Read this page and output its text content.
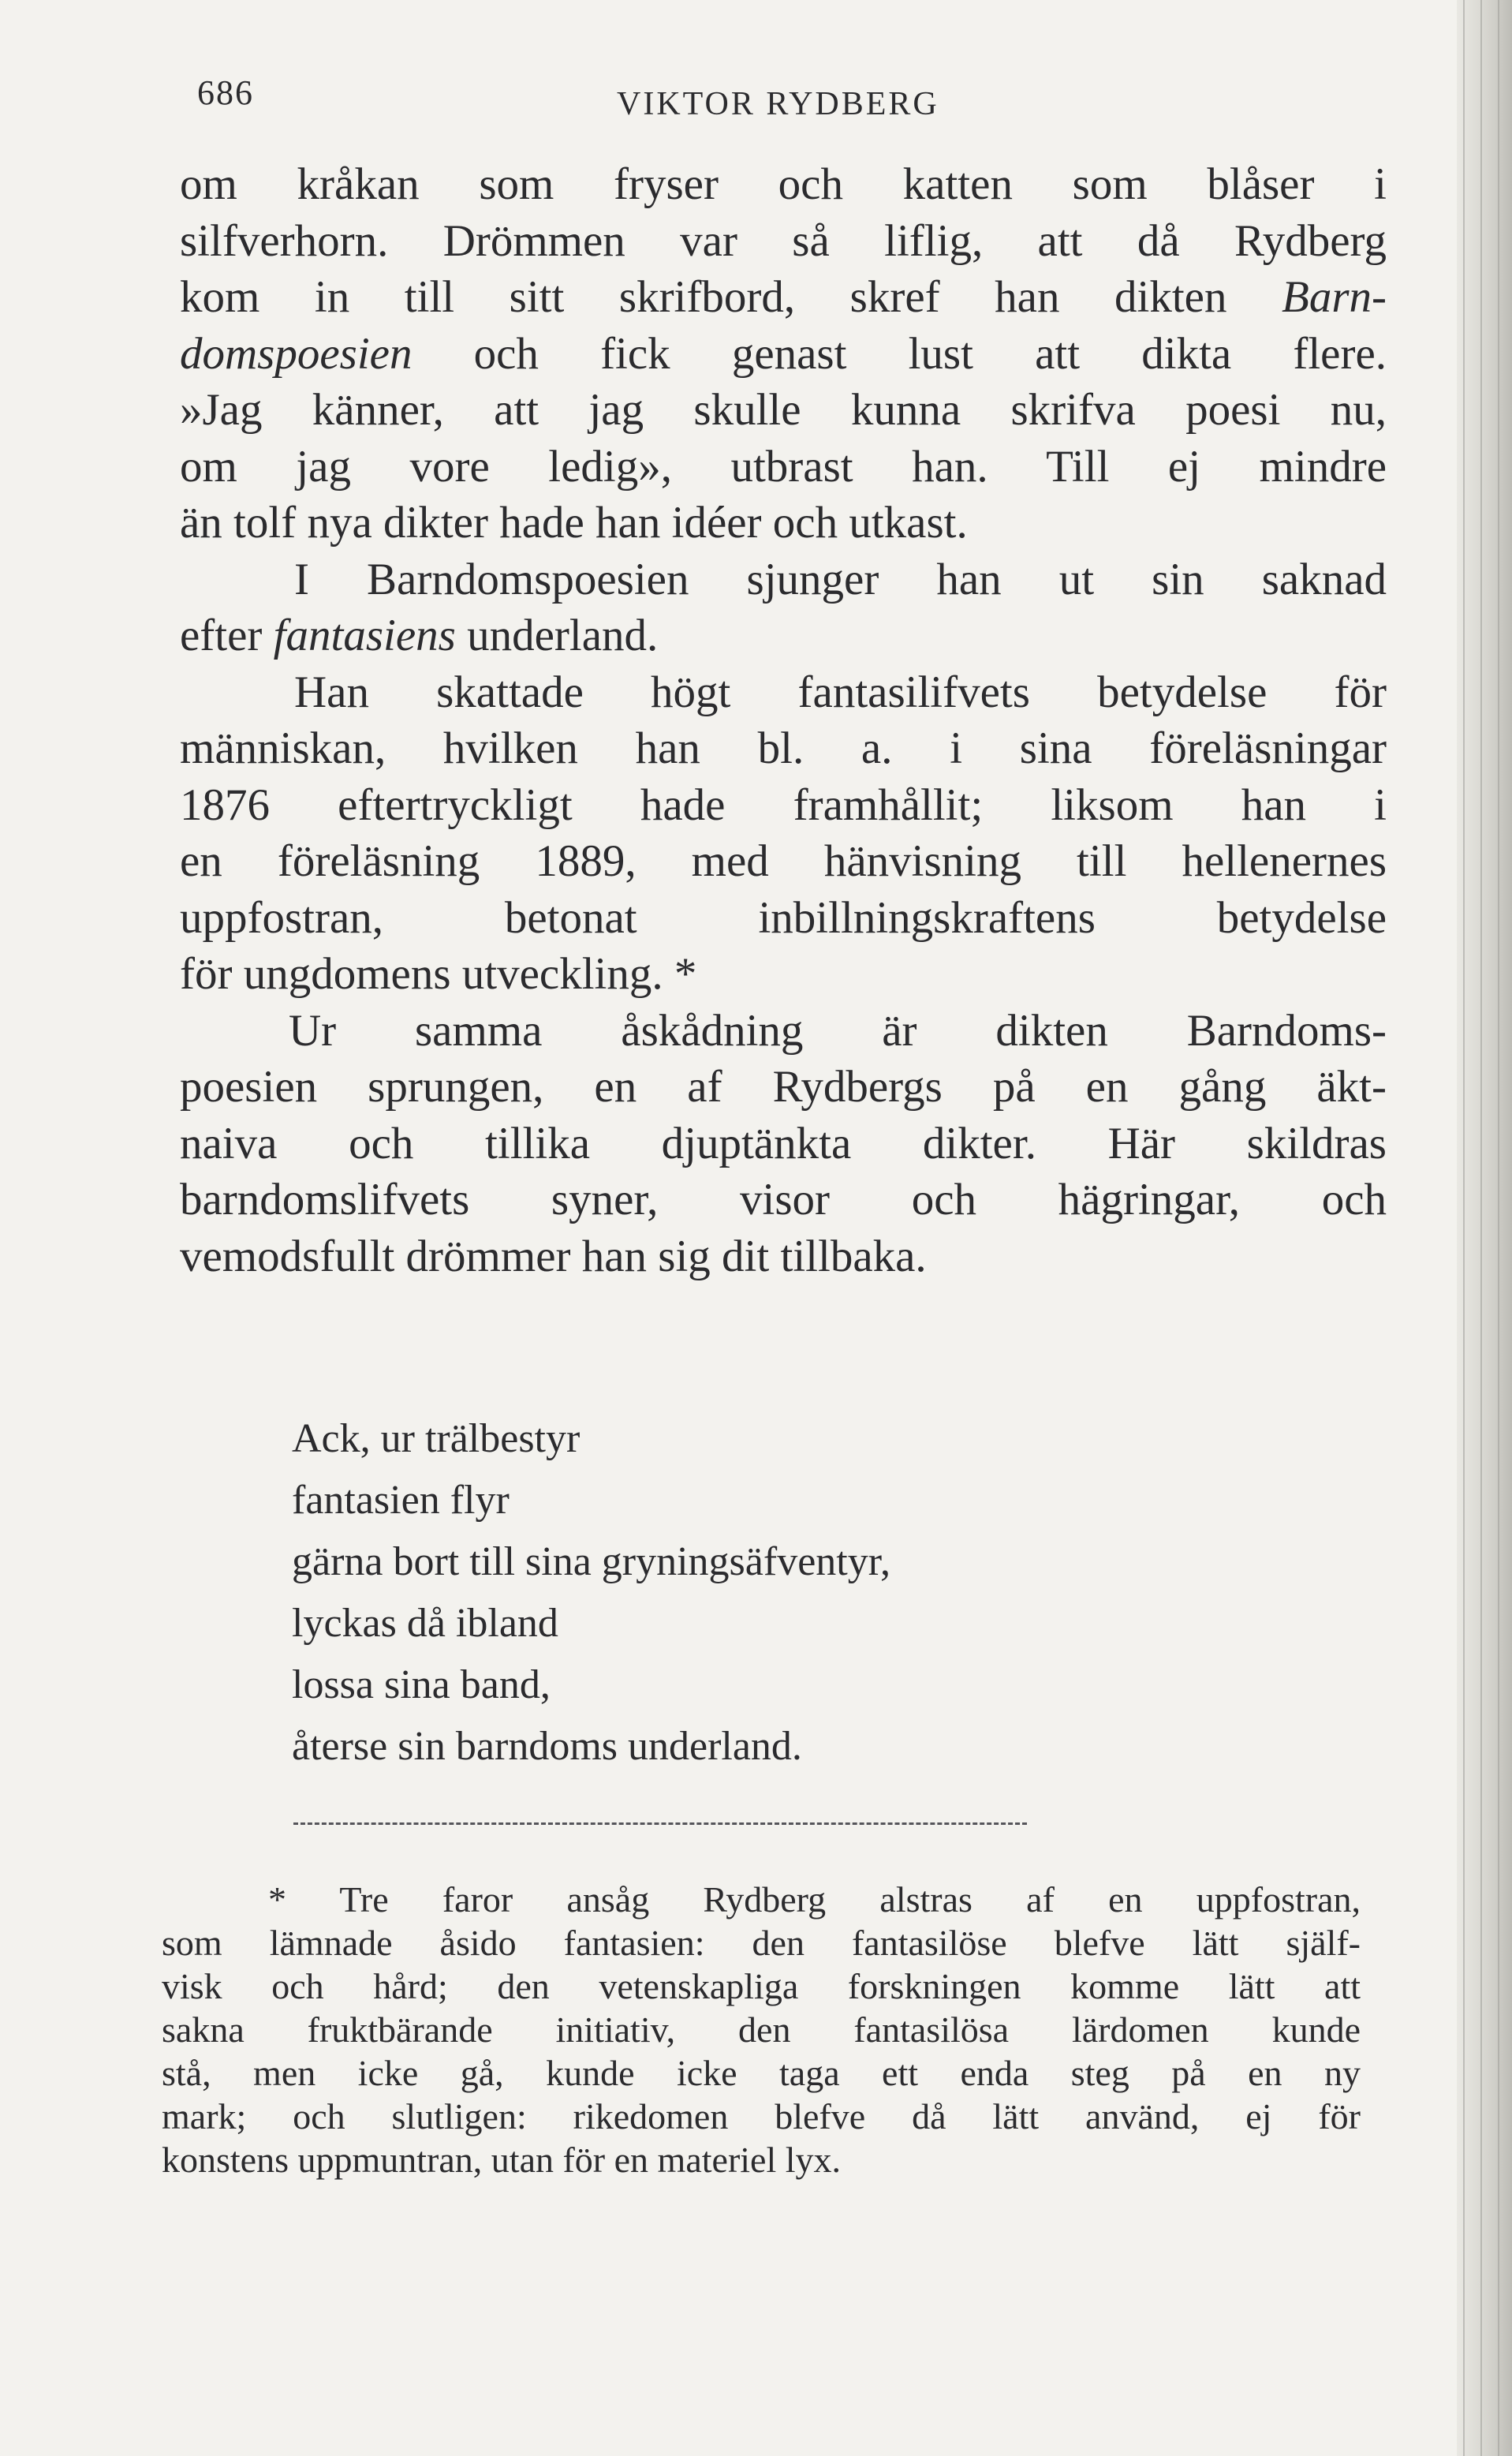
686	VIKTOR RYDBERG
om kråkan som fryser och katten som blåser i
silfverhorn. Drömmen var så liflig, att då Rydberg
kom in till sitt skrifbord, skref han dikten Barn-
domspoesien och fick genast lust att dikta flere.
»Jag känner, att jag skulle kunna skrifva poesi nu,
om jag vore ledig», utbrast han. Till ej mindre
än tolf nya dikter hade han idéer och utkast.
I Barndomspoesien sjunger han ut sin saknad
efter fantasiens underland.
Han skattade högt fantasilifvets betydelse för
människan, hvilken han bl. a. i sina föreläsningar
1876 eftertryckligt hade framhållit; liksom han i
en föreläsning 1889, med hänvisning till hellenernes
uppfostran, betonat inbillningskraftens betydelse
för ungdomens utveckling. *
Ur samma åskådning är dikten Barndoms-
poesien sprungen, en af Rydbergs på en gång äkt-
naiva och tillika djuptänkta dikter. Här skildras
barndomslifvets syner, visor och hägringar, och
vemodsfullt drömmer han sig dit tillbaka.
Ack, ur trälbestyr
fantasien flyr
gärna bort till sina gryningsäfventyr,
lyckas då ibland
lossa sina band,
återse sin barndoms underland.
* Tre faror ansåg Rydberg alstras af en uppfostran,
som lämnade åsido fantasien: den fantasilöse blefve lätt själf-
visk och hård; den vetenskapliga forskningen komme lätt att
sakna fruktbärande initiativ, den fantasilösa lärdomen kunde
stå, men icke gå, kunde icke taga ett enda steg på en ny
mark; och slutligen: rikedomen blefve då lätt använd, ej för
konstens uppmuntran, utan för en materiel lyx.
